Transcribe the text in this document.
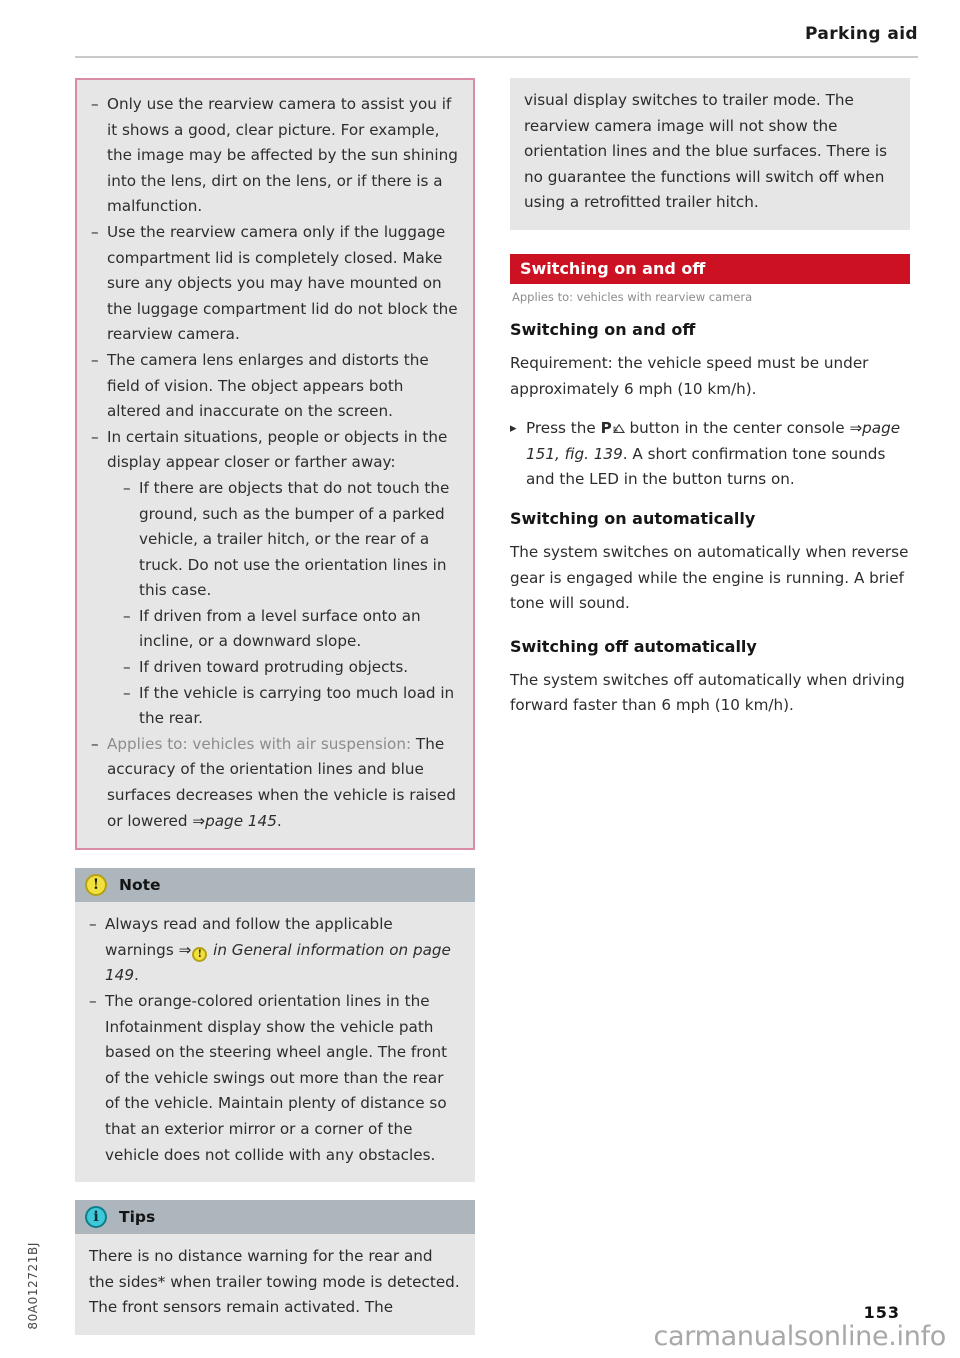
Parking aid
– Only use the rearview camera to assist you if it shows a good, clear picture. For example, the image may be affected by the sun shining into the lens, dirt on the lens, or if there is a malfunction.
– Use the rearview camera only if the luggage compartment lid is completely closed. Make sure any objects you may have mounted on the luggage compartment lid do not block the rearview camera.
– The camera lens enlarges and distorts the field of vision. The object appears both altered and inaccurate on the screen.
– In certain situations, people or objects in the display appear closer or farther away:
– If there are objects that do not touch the ground, such as the bumper of a parked vehicle, a trailer hitch, or the rear of a truck. Do not use the orientation lines in this case.
– If driven from a level surface onto an incline, or a downward slope.
– If driven toward protruding objects.
– If the vehicle is carrying too much load in the rear.
– Applies to: vehicles with air suspension: The accuracy of the orientation lines and blue surfaces decreases when the vehicle is raised or lowered ⇒page 145.
!	Note
– Always read and follow the applicable warnings ⇒ ! in General information on page 149.
– The orange-colored orientation lines in the Infotainment display show the vehicle path based on the steering wheel angle. The front of the vehicle swings out more than the rear of the vehicle. Maintain plenty of distance so that an exterior mirror or a corner of the vehicle does not collide with any obstacles.
i	Tips

There is no distance warning for the rear and the sides* when trailer towing mode is detected. The front sensors remain activated. The

visual display switches to trailer mode. The rearview camera image will not show the orientation lines and the blue surfaces. There is no guarantee the functions will switch off when using a retrofitted trailer hitch.

Switching on and off
Applies to: vehicles with rearview camera
Switching on and off

Requirement: the vehicle speed must be under approximately 6 mph (10 km/h).

▸ Press the P button in the center console ⇒page 151, fig. 139. A short confirmation tone sounds and the LED in the button turns on.
Switching on automatically

The system switches on automatically when reverse gear is engaged while the engine is running. A brief tone will sound.

Switching off automatically

The system switches off automatically when driving forward faster than 6 mph (10 km/h).

80A012721BJ	153
carmanualsonline.info
